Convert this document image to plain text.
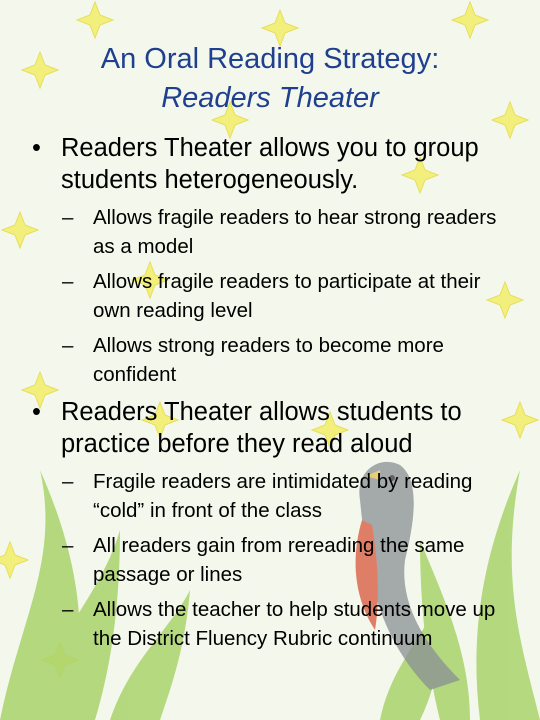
An Oral Reading Strategy:
Readers Theater
• Readers Theater allows you to group students heterogeneously.
– Allows fragile readers to hear strong readers as a model
– Allows fragile readers to participate at their own reading level
– Allows strong readers to become more confident
• Readers Theater allows students to practice before they read aloud
– Fragile readers are intimidated by reading “cold” in front of the class
– All readers gain from rereading the same passage or lines
– Allows the teacher to help students move up the District Fluency Rubric continuum
